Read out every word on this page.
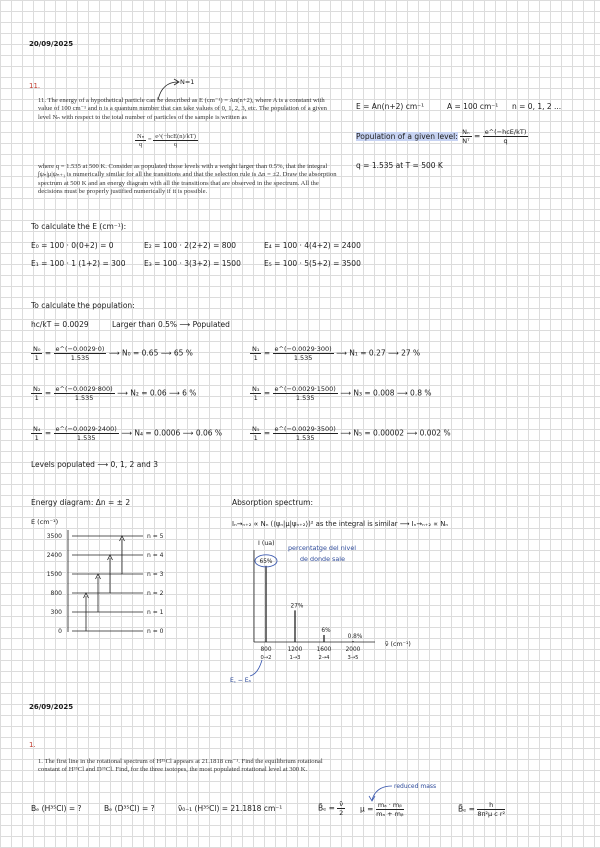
20/09/2025
11.	N=1
11. The energy of a hypothetical particle can be described as E (cm⁻¹) = An(n+2), where A is a constant with value of 100 cm⁻¹ and n is a quantum number that can take values of 0, 1, 2, 3, etc. The population of a given level Nₙ with respect to the total number of particles of the sample is written as
$\frac{\text{Nₙ}}{q} = \frac{\text{e\textasciicircum{}(−hcE(n)/kT)}}{q}$
where q = 1.535 at 500 K. Consider as populated those levels with a weight larger than 0.5%, that the integral ∫ψₙ|μ|ψₙ₊₁ is numerically similar for all the transitions and that the selection rule is Δn = ±2. Draw the absorption spectrum at 500 K and an energy diagram with all the transitions that are observed in the spectrum. All the decisions must be properly justified numerically if it is possible.
E = An(n+2) cm⁻¹	A = 100 cm⁻¹ n = 0, 1, 2 ...
Population of a given level: $\frac{\text{Nₙ}}{\text{Nᵀ}} = \frac{\text{e\textasciicircum{}(−hcE/kT)}}{q}$
q = 1.535 at T = 500 K
To calculate the E (cm⁻¹):
E₀ = 100 · 0(0+2) = 0
E₁ = 100 · 1 (1+2) = 300
E₂ = 100 · 2(2+2) = 800
E₃ = 100 · 3(3+2) = 1500
E₄ = 100 · 4(4+2) = 2400
E₅ = 100 · 5(5+2) = 3500
To calculate the population:
hc/kT = 0.0029	Larger than 0.5% ⟶ Populated
$\frac{\text{N₀}}{1} = \frac{e\^{}(-0.0029\cdot 0)}{1.535}$ ⟶ N₀ = 0.65 ⟶ 65 %	$\frac{\text{N₁}}{1} = \frac{e\^{}(-0.0029\cdot 300)}{1.535}$ ⟶ N₁ = 0.27 ⟶ 27 %
$\frac{\text{N₂}}{1} = \frac{e\^{}(-0.0029\cdot 800)}{1.535}$ ⟶ N₂ = 0.06 ⟶ 6 %	$\frac{\text{N₃}}{1} = \frac{e\^{}(-0.0029\cdot 1500)}{1.535}$ ⟶ N₃ = 0.008 ⟶ 0.8 %
$\frac{\text{N₄}}{1} = \frac{e\^{}(-0.0029\cdot 2400)}{1.535}$ ⟶ N₄ = 0.0006 ⟶ 0.06 %	$\frac{\text{N₅}}{1} = \frac{e\^{}(-0.0029\cdot 3500)}{1.535}$ ⟶ N₅ = 0.00002 ⟶ 0.002 %
Levels populated ⟶ 0, 1, 2 and 3
Energy diagram: Δn = ± 2
E (cm⁻¹)
3500	n = 5
2400	n = 4
1500	n = 3
800	n = 2
300	n = 1
0	n = 0
Absorption spectrum:
Iₙ→ₙ₊₂ ∝ Nₙ (⟨ψₙ|μ|ψₙ₊₂⟩)² as the integral is similar ⟶ Iₙ→ₙ₊₂ ∝ Nₙ
I (ua)
percentatge del nivel
de donde sale
65%
800
0→2
27%
1200
1→3
6%
1600
2→4
0.8%
2000
3→5
ν̃ (cm⁻¹)
E꜀ − Eₐ
26/09/2025
1.
1. The first line in the rotational spectrum of H³⁵Cl appears at 21.1818 cm⁻¹. Find the equilibrium rotational constant of H³⁵Cl and D³⁵Cl. Find, for the three isotopes, the most populated rotational level at 300 K.
Bₑ (H³⁵Cl) = ?	Bₑ (D³⁵Cl) = ?	ν̃₀₋₁ (H³⁵Cl) = 21.1818 cm⁻¹	B̃ₑ = $\frac{\nũ}{2}$
reduced mass
$\mu = \frac{\text{mₐ · mᵦ}}{\text{mₐ + mᵦ}}$	B̃ₑ = $\frac{h}{\text{8π²μ c r²}}$
